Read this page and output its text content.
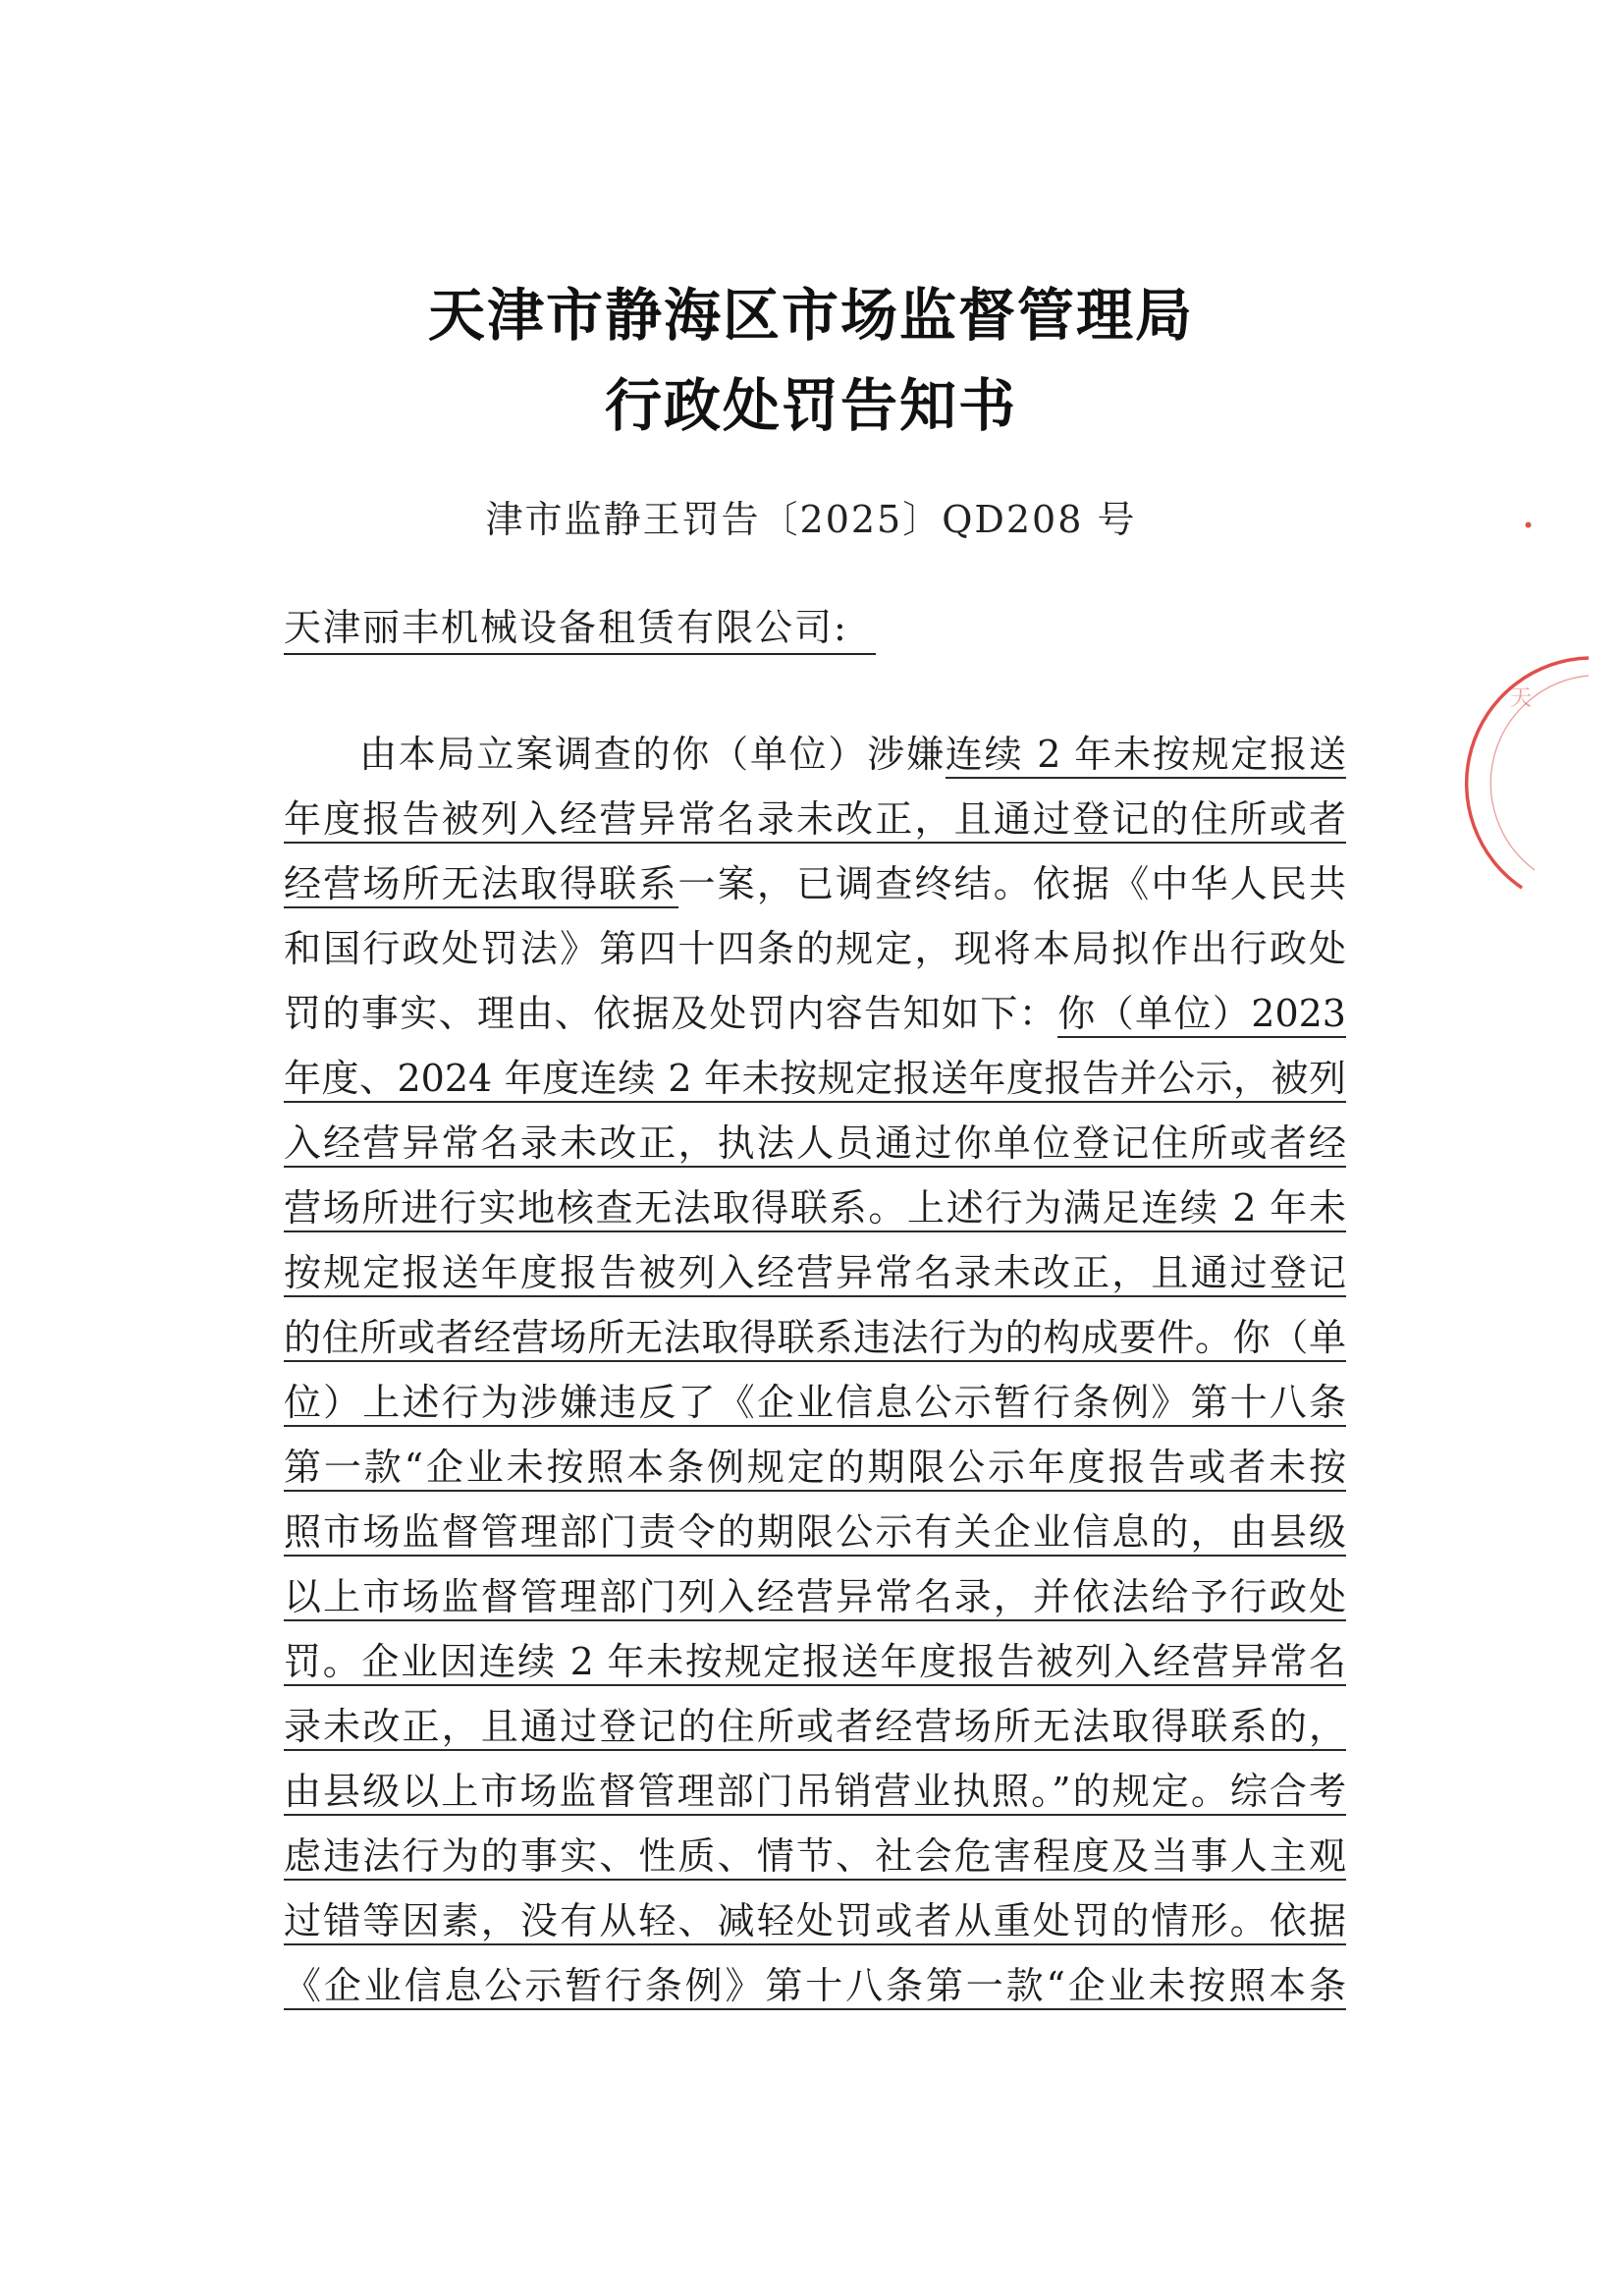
天津市静海区市场监督管理局
行政处罚告知书
津市监静王罚告〔2025〕QD208 号
天津丽丰机械设备租赁有限公司:
由本局立案调查的你（单位）涉嫌连续 2 年未按规定报送
年度报告被列入经营异常名录未改正，且通过登记的住所或者
经营场所无法取得联系一案，已调查终结。依据《中华人民共
和国行政处罚法》第四十四条的规定，现将本局拟作出行政处
罚的事实、理由、依据及处罚内容告知如下：你（单位）2023
年度、2024 年度连续 2 年未按规定报送年度报告并公示，被列
入经营异常名录未改正，执法人员通过你单位登记住所或者经
营场所进行实地核查无法取得联系。上述行为满足连续 2 年未
按规定报送年度报告被列入经营异常名录未改正，且通过登记
的住所或者经营场所无法取得联系违法行为的构成要件。你（单
位）上述行为涉嫌违反了《企业信息公示暂行条例》第十八条
第一款“企业未按照本条例规定的期限公示年度报告或者未按
照市场监督管理部门责令的期限公示有关企业信息的，由县级
以上市场监督管理部门列入经营异常名录，并依法给予行政处
罚。企业因连续 2 年未按规定报送年度报告被列入经营异常名
录未改正，且通过登记的住所或者经营场所无法取得联系的，
由县级以上市场监督管理部门吊销营业执照。”的规定。综合考
虑违法行为的事实、性质、情节、社会危害程度及当事人主观
过错等因素，没有从轻、减轻处罚或者从重处罚的情形。依据
《企业信息公示暂行条例》第十八条第一款“企业未按照本条
天
